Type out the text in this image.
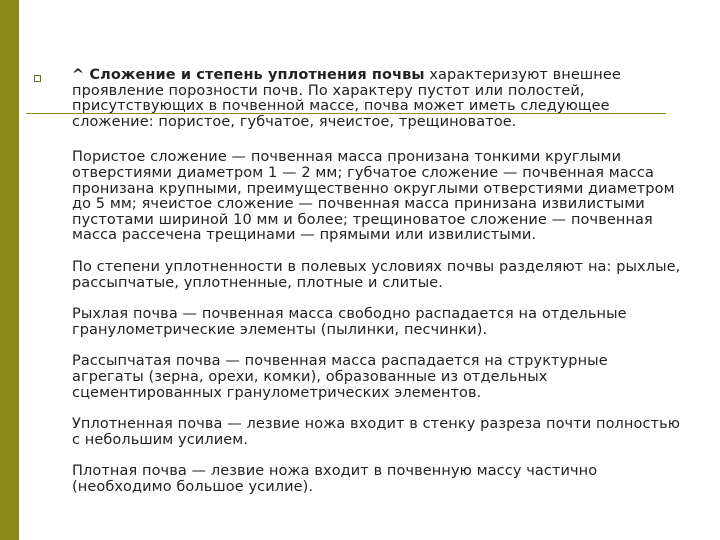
^ Сложение и степень уплотнения почвы характеризуют внешнее проявление порозности почв. По характеру пустот или полостей, присутствующих в почвенной массе, почва может иметь следующее сложение: пористое, губчатое, ячеистое, трещиноватое.

Пористое сложение — почвенная масса пронизана тонкими круглыми отверстиями диаметром 1 — 2 мм; губчатое сложение — почвенная масса пронизана крупными, преимущественно округлыми отверстиями диаметром до 5 мм; ячеистое сложение — почвенная масса принизана извилистыми пустотами шириной 10 мм и более; трещиноватое сложение — почвенная масса рассечена трещинами — прямыми или извилистыми.

По степени уплотненности в полевых условиях почвы разделяют на: рыхлые, рассыпчатые, уплотненные, плотные и слитые.

Рыхлая почва — почвенная масса свободно распадается на отдельные гранулометрические элементы (пылинки, песчинки).

Рассыпчатая почва — почвенная масса распадается на структурные агрегаты (зерна, орехи, комки), образованные из отдельных сцементированных гранулометрических элементов.

Уплотненная почва — лезвие ножа входит в стенку разреза почти полностью с небольшим усилием.

Плотная почва — лезвие ножа входит в почвенную массу частично (необходимо большое усилие).
